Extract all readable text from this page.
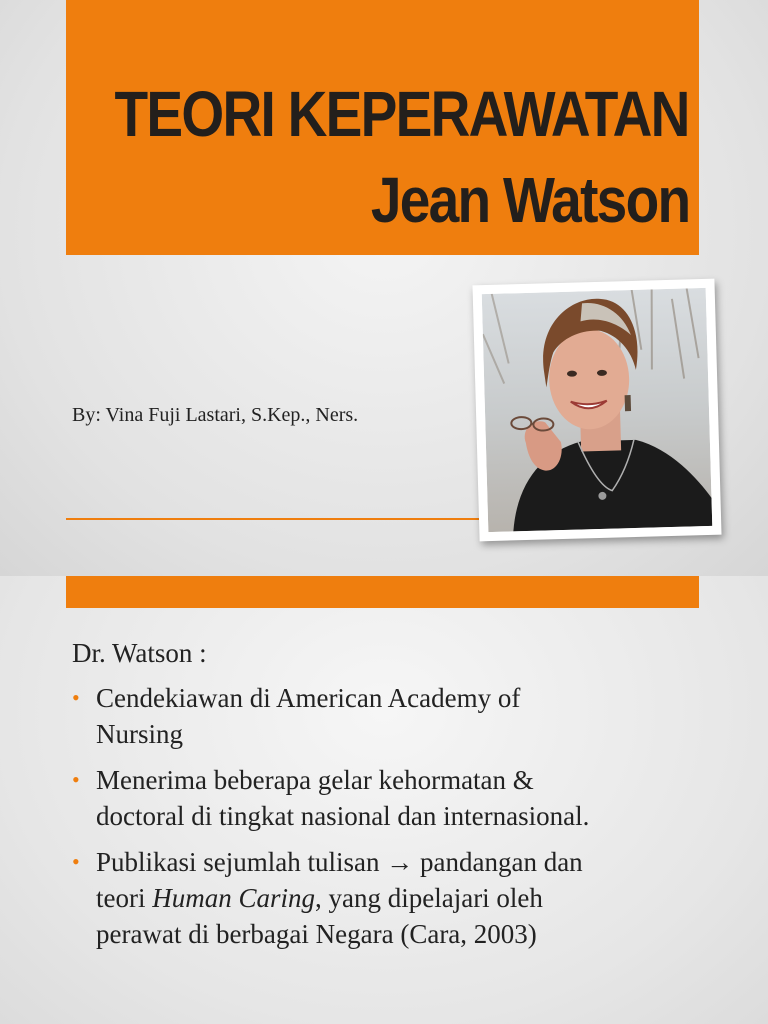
TEORI KEPERAWATAN
Jean Watson
By: Vina Fuji Lastari, S.Kep., Ners.
Dr. Watson :
• Cendekiawan di American Academy of
Nursing
• Menerima beberapa gelar kehormatan &
doctoral di tingkat nasional dan internasional.
• Publikasi sejumlah tulisan → pandangan dan
teori Human Caring, yang dipelajari oleh
perawat di berbagai Negara (Cara, 2003)
